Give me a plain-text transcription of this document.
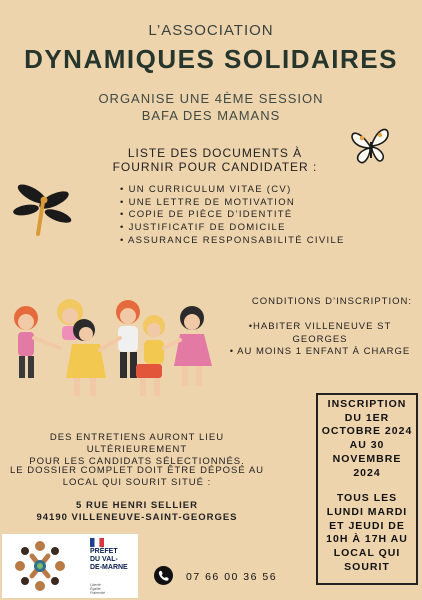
L’ASSOCIATION
DYNAMIQUES SOLIDAIRES
ORGANISE UNE 4ÈME SESSION
BAFA DES MAMANS
LISTE DES DOCUMENTS À
FOURNIR POUR CANDIDATER :
• UN CURRICULUM VITAE (CV)
• UNE LETTRE DE MOTIVATION
• COPIE DE PIÈCE D’IDENTITÉ
• JUSTIFICATIF DE DOMICILE
• ASSURANCE RESPONSABILITÉ CIVILE
CONDITIONS D’INSCRIPTION:
•HABITER VILLENEUVE ST
GEORGES
• AU MOINS 1 ENFANT À CHARGE
DES ENTRETIENS AURONT LIEU ULTÉRIEUREMENT
POUR LES CANDIDATS SÉLECTIONNÉS.
LE DOSSIER COMPLET DOIT ÊTRE DÉPOSÉ AU
LOCAL QUI SOURIT SITUÉ :
5 RUE HENRI SELLIER
94190 VILLENEUVE-SAINT-GEORGES
INSCRIPTION
DU 1ER
OCTOBRE 2024
AU 30
NOVEMBRE
2024
TOUS LES
LUNDI MARDI
ET JEUDI DE
10H À 17H AU
LOCAL QUI
SOURIT
PRÉFET
DU VAL-
DE-MARNE
Liberté
Égalité
Fraternité
07 66 00 36 56
